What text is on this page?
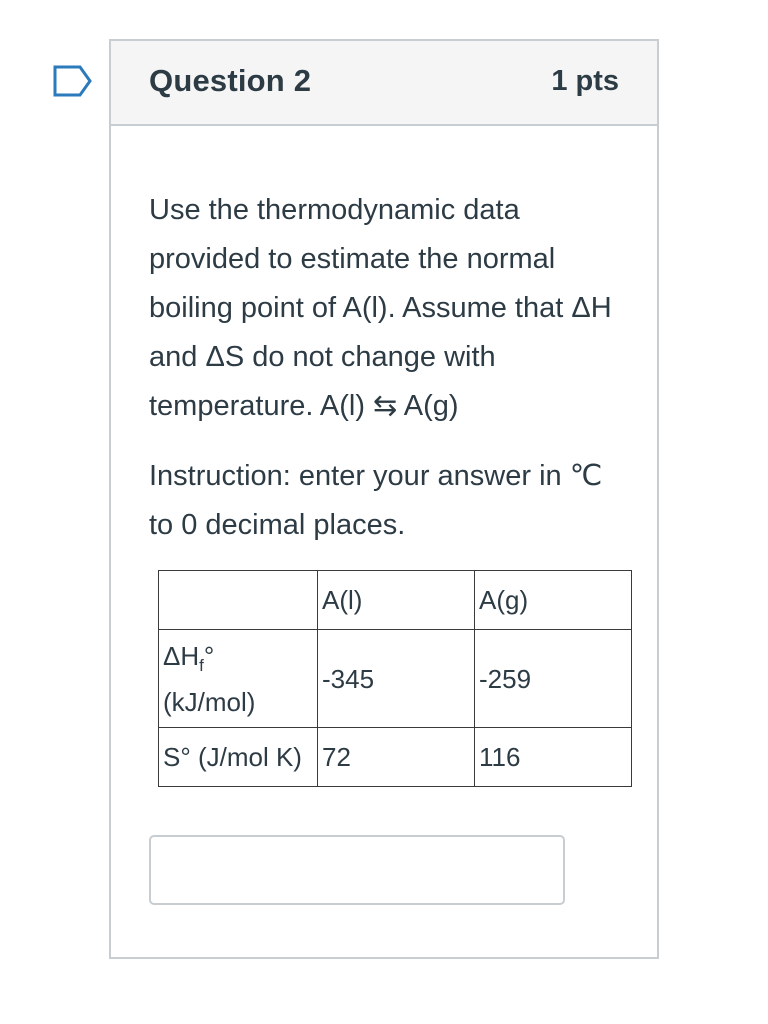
Question 2	1 pts

Use the thermodynamic data provided to estimate the normal boiling point of A(l). Assume that ΔH and ΔS do not change with temperature. A(l) ⇆ A(g)

Instruction: enter your answer in ℃ to 0 decimal places.

	A(l)	A(g)

$\Delta H_f^\circ$
(kJ/mol)	-345	-259
S° (J/mol K)	72	116
